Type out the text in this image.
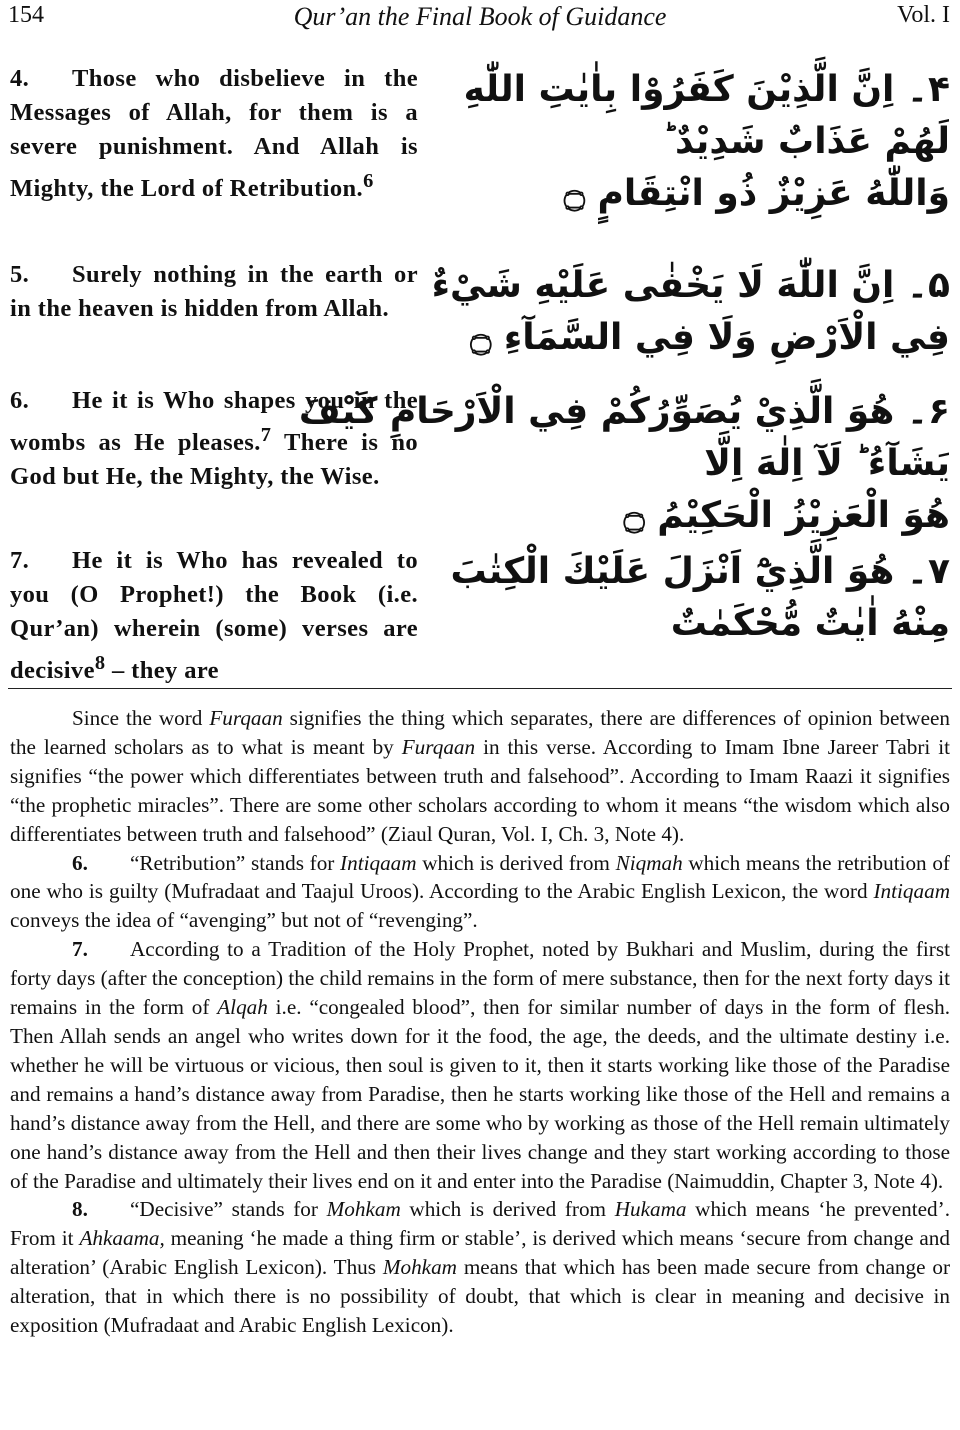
154	Qur’an the Final Book of Guidance	Vol. I
4. Those who disbelieve in the Messages of Allah, for them is a severe punishment. And Allah is Mighty, the Lord of Retribution.$^6$
۴۔ اِنَّ الَّذِيْنَ كَفَرُوْا بِاٰيٰتِ اللّٰهِ
لَهُمْ عَذَابٌ شَدِيْدٌ ؕ
وَاللّٰهُ عَزِيْزٌ ذُو انْتِقَامٍ ۝
5. Surely nothing in the earth or in the heaven is hidden from Allah.
۵۔ اِنَّ اللّٰهَ لَا يَخْفٰى عَلَيْهِ شَيْءٌ
فِي الْاَرْضِ وَلَا فِي السَّمَآءِ ۝
6. He it is Who shapes you in the wombs as He pleases.$^7$ There is no God but He, the Mighty, the Wise.
۶۔ هُوَ الَّذِيْ يُصَوِّرُكُمْ فِي الْاَرْحَامِ كَيْفَ
يَشَآءُ ؕ لَآ اِلٰهَ اِلَّا
هُوَ الْعَزِيْزُ الْحَكِيْمُ ۝
7. He it is Who has revealed to you (O Prophet!) the Book (i.e. Qur’an) wherein (some) verses are decisive$^8$ – they are
۷۔ هُوَ الَّذِيْٓ اَنْزَلَ عَلَيْكَ الْكِتٰبَ
مِنْهُ اٰيٰتٌ مُّحْكَمٰتٌ

Since the word Furqaan signifies the thing which separates, there are differences of opinion between the learned scholars as to what is meant by Furqaan in this verse. According to Imam Ibne Jareer Tabri it signifies “the power which differentiates between truth and falsehood”. According to Imam Raazi it signifies “the prophetic miracles”. There are some other scholars according to whom it means “the wisdom which also differentiates between truth and falsehood” (Ziaul Quran, Vol. I, Ch. 3, Note 4).

6. “Retribution” stands for Intiqaam which is derived from Niqmah which means the retribution of one who is guilty (Mufradaat and Taajul Uroos). According to the Arabic English Lexicon, the word Intiqaam conveys the idea of “avenging” but not of “revenging”.

7. According to a Tradition of the Holy Prophet, noted by Bukhari and Muslim, during the first forty days (after the conception) the child remains in the form of mere substance, then for the next forty days it remains in the form of Alqah i.e. “congealed blood”, then for similar number of days in the form of flesh. Then Allah sends an angel who writes down for it the food, the age, the deeds, and the ultimate destiny i.e. whether he will be virtuous or vicious, then soul is given to it, then it starts working like those of the Paradise and remains a hand’s distance away from Paradise, then he starts working like those of the Hell and remains a hand’s distance away from the Hell, and there are some who by working as those of the Hell remain ultimately one hand’s distance away from the Hell and then their lives change and they start working according to those of the Paradise and ultimately their lives end on it and enter into the Paradise (Naimuddin, Chapter 3, Note 4).

8. “Decisive” stands for Mohkam which is derived from Hukama which means ‘he prevented’. From it Ahkaama, meaning ‘he made a thing firm or stable’, is derived which means ‘secure from change and alteration’ (Arabic English Lexicon). Thus Mohkam means that which has been made secure from change or alteration, that in which there is no possibility of doubt, that which is clear in meaning and decisive in exposition (Mufradaat and Arabic English Lexicon).
